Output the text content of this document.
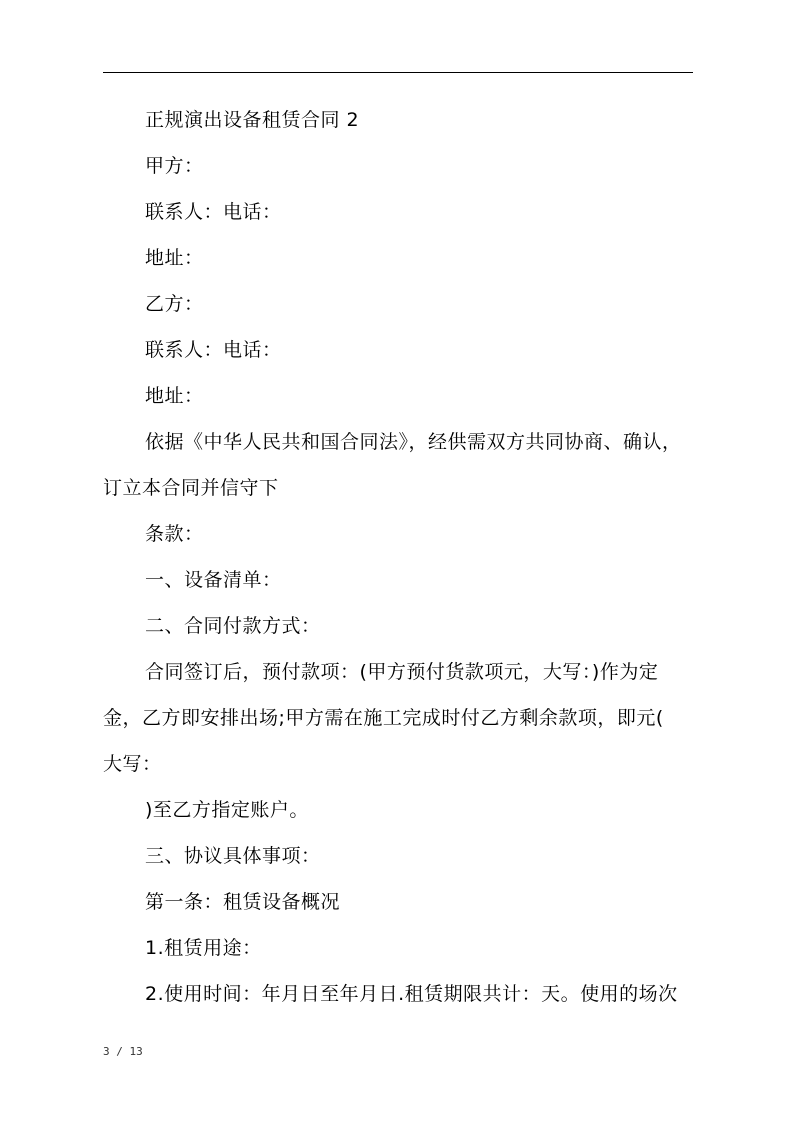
正规演出设备租赁合同 2
甲方：
联系人：电话：
地址：
乙方：
联系人：电话：
地址：
依据《中华人民共和国合同法》，经供需双方共同协商、确认，
订立本合同并信守下
条款：
一、设备清单：
二、合同付款方式：
合同签订后，预付款项：(甲方预付货款项元，大写：)作为定
金，乙方即安排出场;甲方需在施工完成时付乙方剩余款项，即元(
大写：
)至乙方指定账户。
三、协议具体事项：
第一条：租赁设备概况
1.租赁用途：
2.使用时间：年月日至年月日.租赁期限共计：天。使用的场次
3 / 13
